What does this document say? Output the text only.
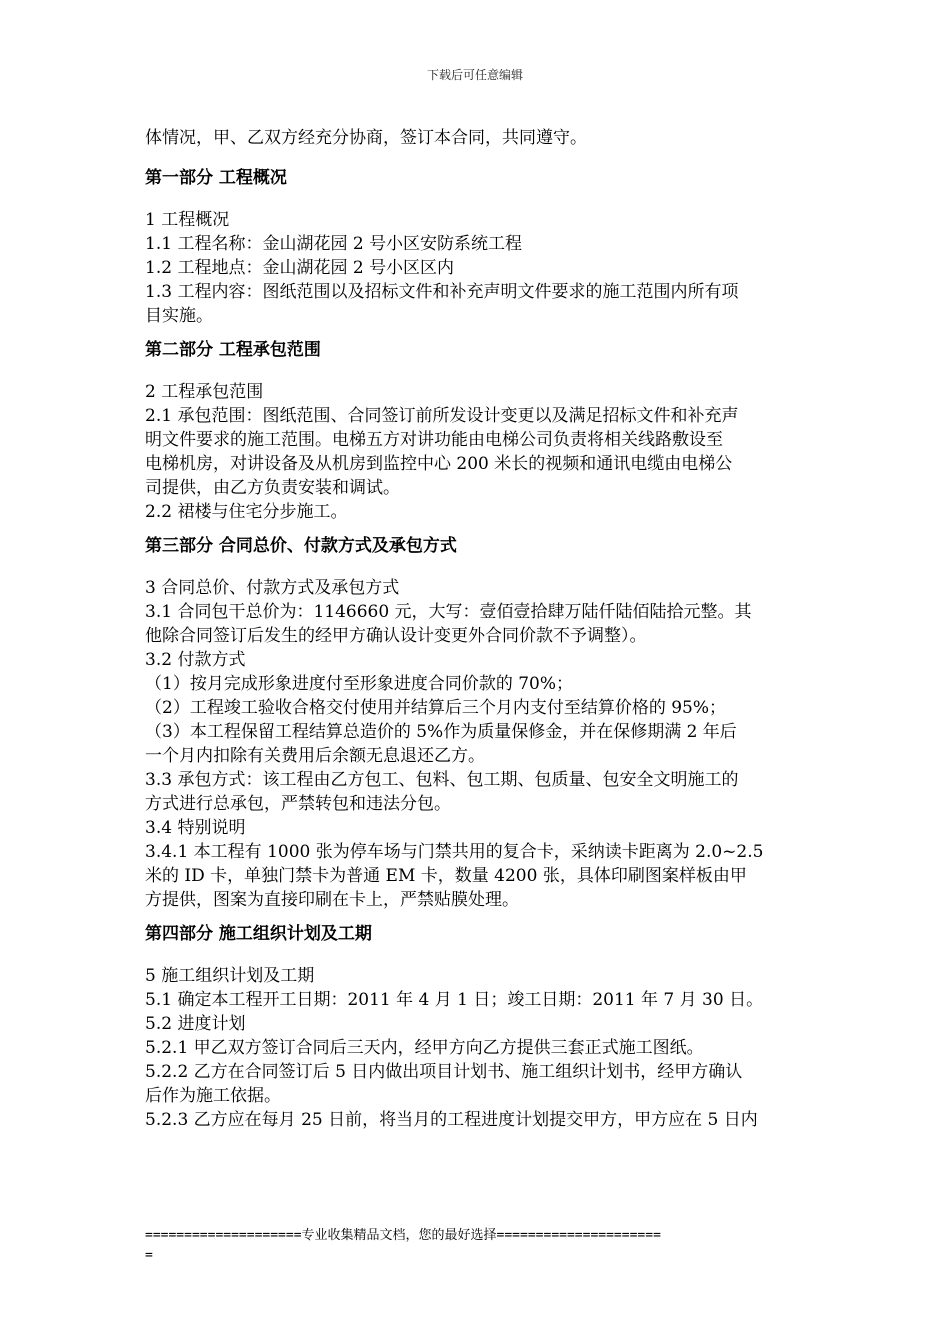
下载后可任意编辑
体情况，甲、乙双方经充分协商，签订本合同，共同遵守。
第一部分 工程概况
1 工程概况
1.1 工程名称：金山湖花园 2 号小区安防系统工程
1.2 工程地点：金山湖花园 2 号小区区内
1.3 工程内容：图纸范围以及招标文件和补充声明文件要求的施工范围内所有项
目实施。
第二部分 工程承包范围
2 工程承包范围
2.1 承包范围：图纸范围、合同签订前所发设计变更以及满足招标文件和补充声
明文件要求的施工范围。电梯五方对讲功能由电梯公司负责将相关线路敷设至
电梯机房，对讲设备及从机房到监控中心 200 米长的视频和通讯电缆由电梯公
司提供，由乙方负责安装和调试。
2.2 裙楼与住宅分步施工。
第三部分 合同总价、付款方式及承包方式
3 合同总价、付款方式及承包方式
3.1 合同包干总价为：1146660 元，大写：壹佰壹拾肆万陆仟陆佰陆拾元整。其
他除合同签订后发生的经甲方确认设计变更外合同价款不予调整）。
3.2 付款方式
（1）按月完成形象进度付至形象进度合同价款的 70%；
（2）工程竣工验收合格交付使用并结算后三个月内支付至结算价格的 95%；
（3）本工程保留工程结算总造价的 5%作为质量保修金，并在保修期满 2 年后
一个月内扣除有关费用后余额无息退还乙方。
3.3 承包方式：该工程由乙方包工、包料、包工期、包质量、包安全文明施工的
方式进行总承包，严禁转包和违法分包。
3.4 特别说明
3.4.1 本工程有 1000 张为停车场与门禁共用的复合卡，采纳读卡距离为 2.0~2.5
米的 ID 卡，单独门禁卡为普通 EM 卡，数量 4200 张，具体印刷图案样板由甲
方提供，图案为直接印刷在卡上，严禁贴膜处理。
第四部分 施工组织计划及工期
5 施工组织计划及工期
5.1 确定本工程开工日期：2011 年 4 月 1 日；竣工日期：2011 年 7 月 30 日。
5.2 进度计划
5.2.1 甲乙双方签订合同后三天内，经甲方向乙方提供三套正式施工图纸。
5.2.2 乙方在合同签订后 5 日内做出项目计划书、施工组织计划书，经甲方确认
后作为施工依据。
5.2.3 乙方应在每月 25 日前，将当月的工程进度计划提交甲方，甲方应在 5 日内
====================专业收集精品文档，您的最好选择=====================
=
